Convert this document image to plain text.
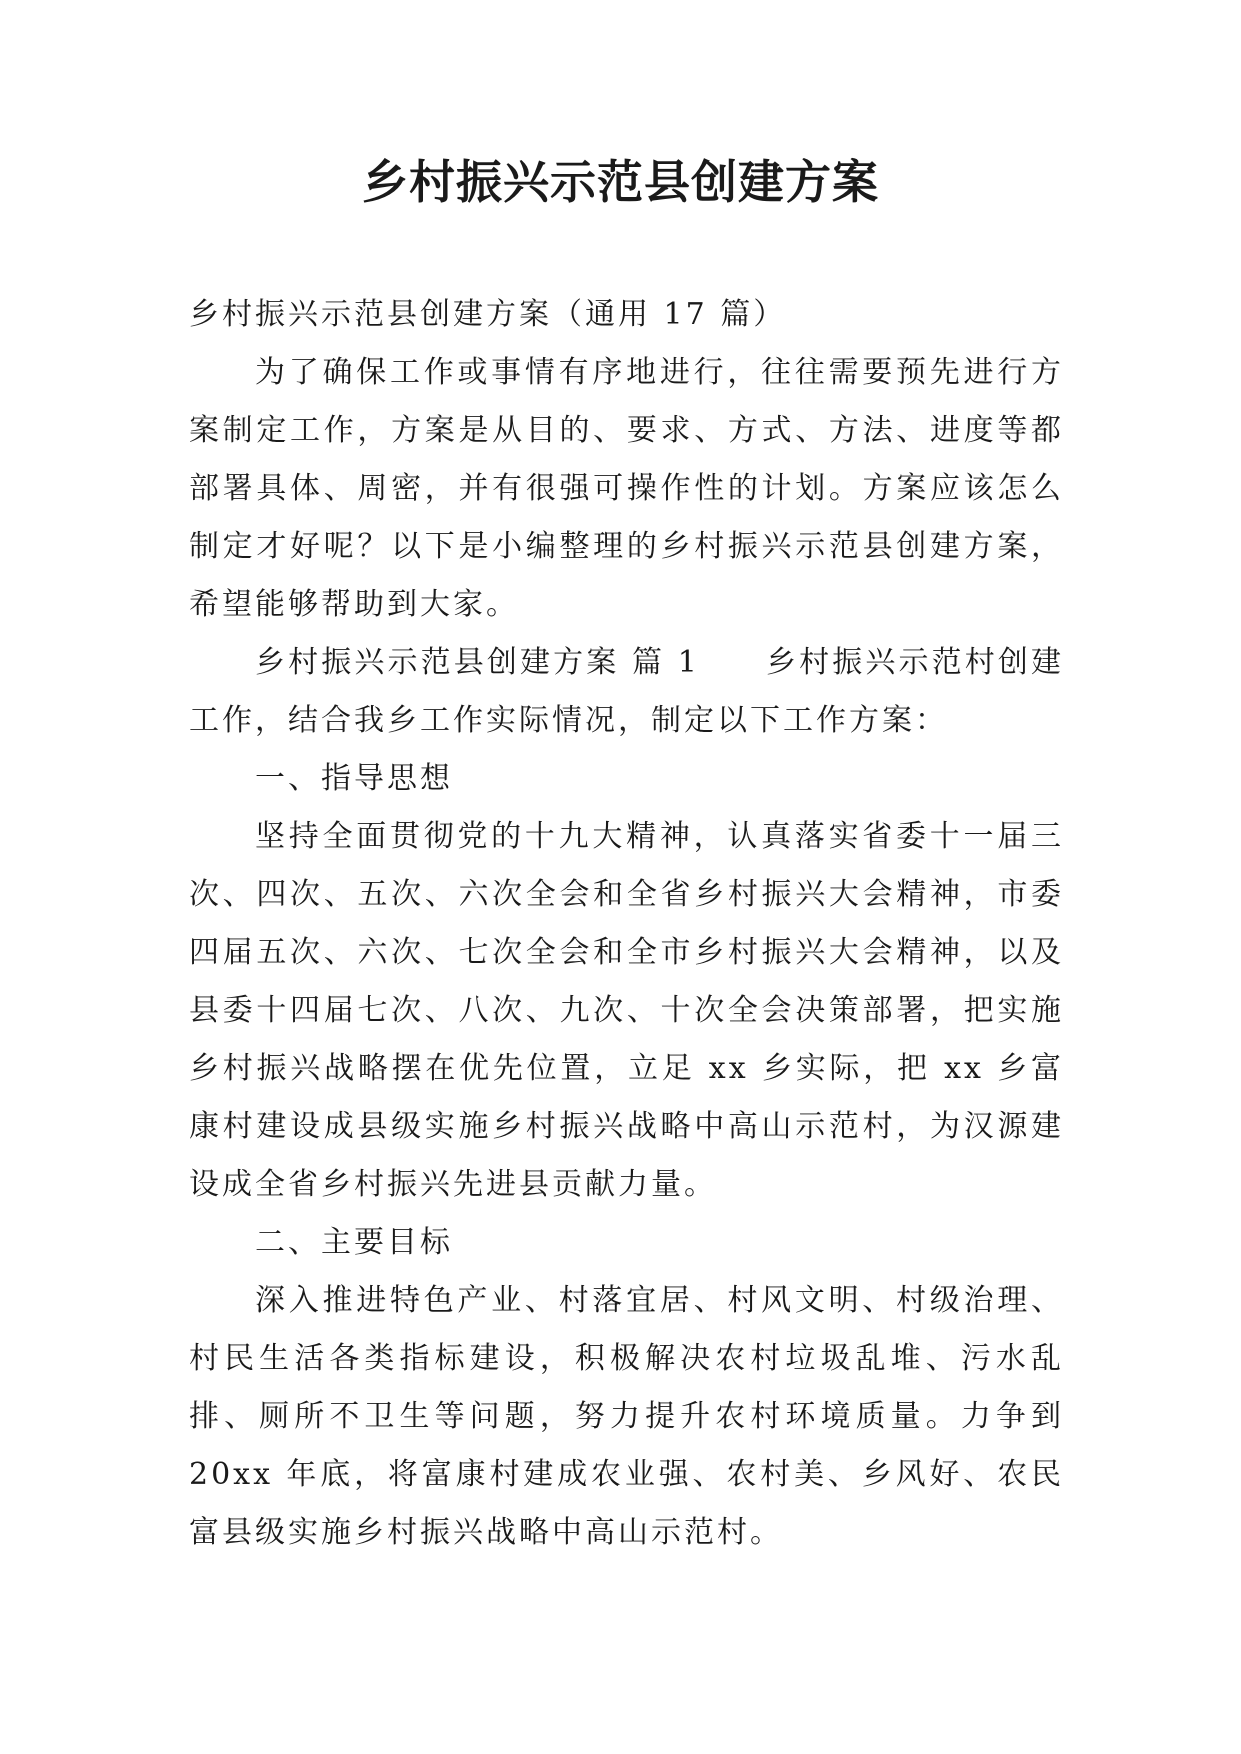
乡村振兴示范县创建方案

乡村振兴示范县创建方案（通用 17 篇）

为了确保工作或事情有序地进行，往往需要预先进行方案制定工作，方案是从目的、要求、方式、方法、进度等都部署具体、周密，并有很强可操作性的计划。方案应该怎么制定才好呢？以下是小编整理的乡村振兴示范县创建方案，希望能够帮助到大家。

乡村振兴示范县创建方案 篇 1 乡村振兴示范村创建工作，结合我乡工作实际情况，制定以下工作方案：

一、指导思想

坚持全面贯彻党的十九大精神，认真落实省委十一届三次、四次、五次、六次全会和全省乡村振兴大会精神，市委四届五次、六次、七次全会和全市乡村振兴大会精神，以及县委十四届七次、八次、九次、十次全会决策部署，把实施乡村振兴战略摆在优先位置，立足 xx 乡实际，把 xx 乡富康村建设成县级实施乡村振兴战略中高山示范村，为汉源建设成全省乡村振兴先进县贡献力量。

二、主要目标

深入推进特色产业、村落宜居、村风文明、村级治理、村民生活各类指标建设，积极解决农村垃圾乱堆、污水乱排、厕所不卫生等问题，努力提升农村环境质量。力争到 20xx 年底，将富康村建成农业强、农村美、乡风好、农民富县级实施乡村振兴战略中高山示范村。
